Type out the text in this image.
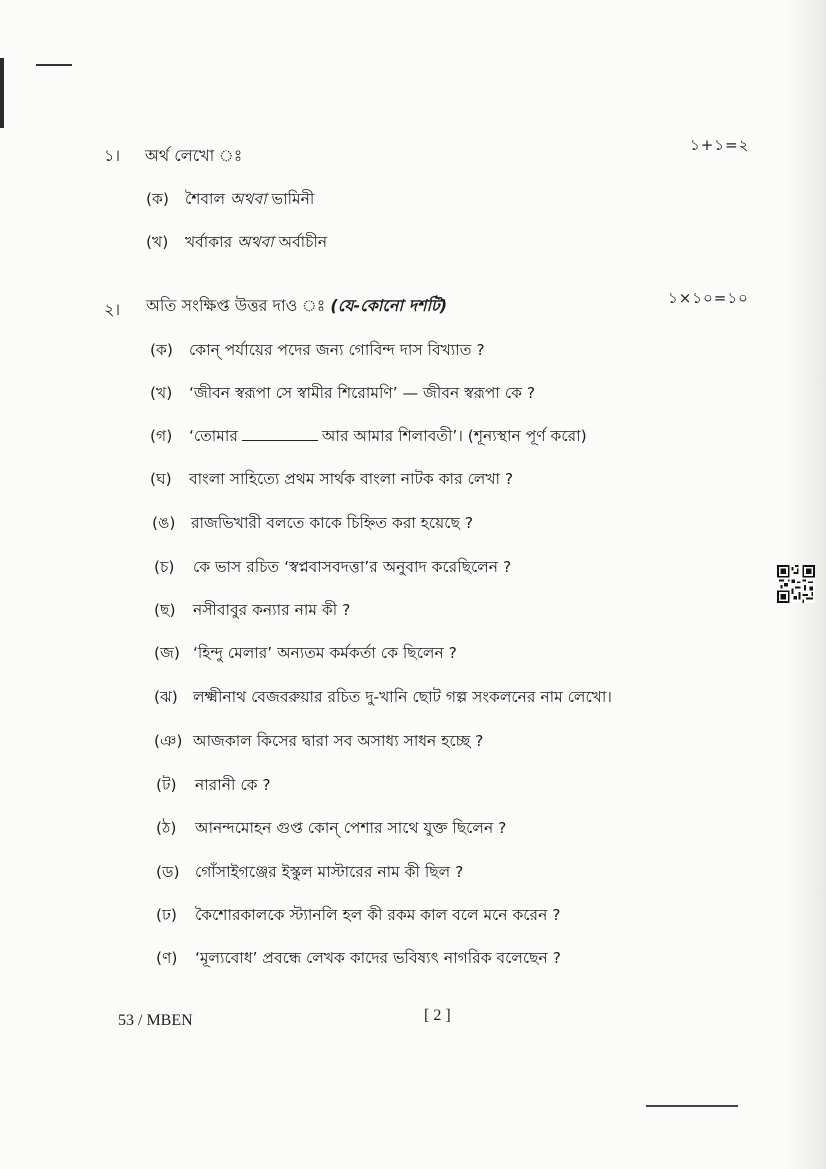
১। অর্থ লেখো ঃ
১+১=২
(ক) শৈবাল অথবা ভামিনী
(খ) খর্বাকার অথবা অর্বাচীন
২। অতি সংক্ষিপ্ত উত্তর দাও ঃ (যে-কোনো দশটি)	১×১০=১০
(ক) কোন্ পর্যায়ের পদের জন্য গোবিন্দ দাস বিখ্যাত ?
(খ) ‘জীবন স্বরূপা সে স্বামীর শিরোমণি’ — জীবন স্বরূপা কে ?
(গ) ‘তোমার	আর আমার শিলাবতী’। (শূন্যস্থান পূর্ণ করো)
(ঘ) বাংলা সাহিত্যে প্রথম সার্থক বাংলা নাটক কার লেখা ?
(ঙ) রাজভিখারী বলতে কাকে চিহ্নিত করা হয়েছে ?
(চ) কে ভাস রচিত ‘স্বপ্নবাসবদত্তা’র অনুবাদ করেছিলেন ?
(ছ) নসীবাবুর কন্যার নাম কী ?
(জ) ‘হিন্দু মেলার’ অন্যতম কর্মকর্তা কে ছিলেন ?
(ঝ) লক্ষ্মীনাথ বেজবরুয়ার রচিত দু-খানি ছোট গল্প সংকলনের নাম লেখো।
(ঞ) আজকাল কিসের দ্বারা সব অসাধ্য সাধন হচ্ছে ?
(ট) নারানী কে ?
(ঠ) আনন্দমোহন গুপ্ত কোন্ পেশার সাথে যুক্ত ছিলেন ?
(ড) গোঁসাইগঞ্জের ইস্কুল মাস্টারের নাম কী ছিল ?
(ঢ) কৈশোরকালকে স্ট্যানলি হল কী রকম কাল বলে মনে করেন ?
(ণ) ‘মূল্যবোধ’ প্রবন্ধে লেখক কাদের ভবিষ্যৎ নাগরিক বলেছেন ?
53 / MBEN	[ 2 ]
